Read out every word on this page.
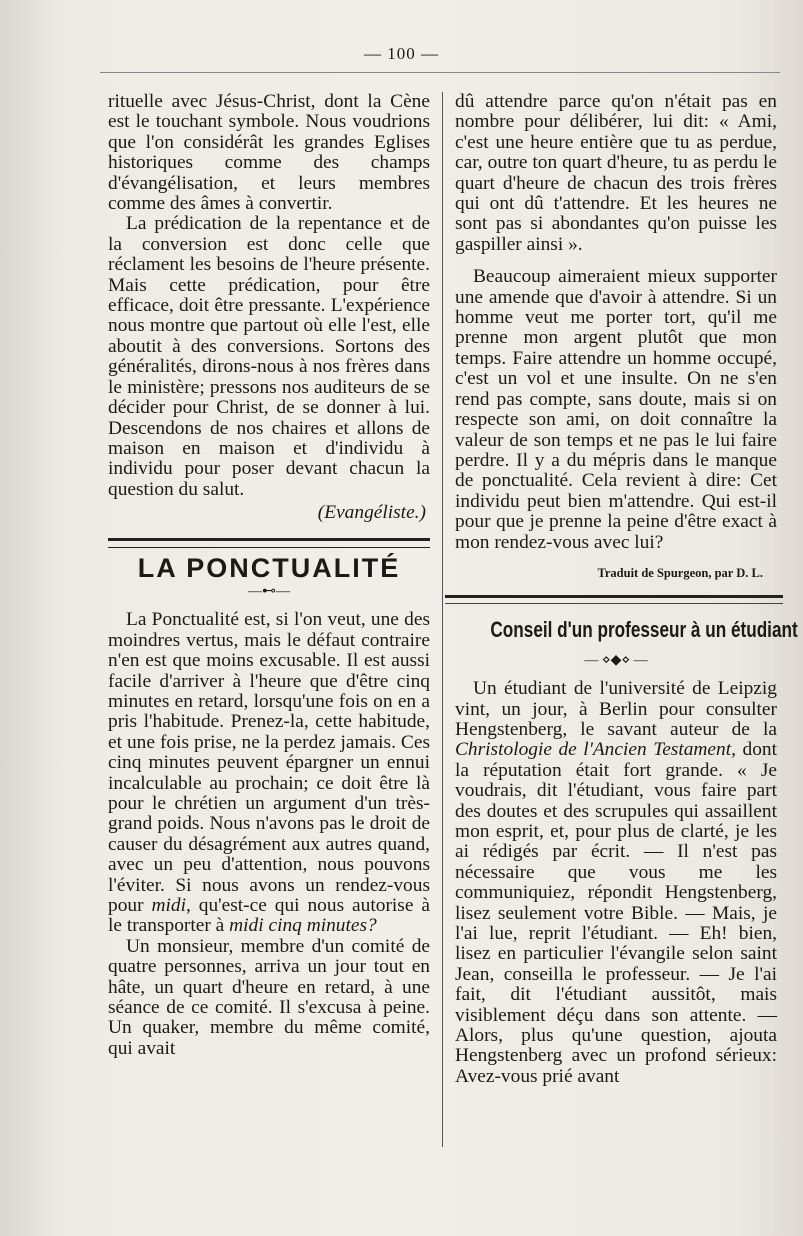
— 100 —

rituelle avec Jésus-Christ, dont la Cène est le touchant symbole. Nous voudrions que l'on considérât les grandes Eglises historiques comme des champs d'évangélisation, et leurs membres comme des âmes à convertir.

La prédication de la repentance et de la conversion est donc celle que réclament les besoins de l'heure présente. Mais cette prédication, pour être efficace, doit être pressante. L'expérience nous montre que partout où elle l'est, elle aboutit à des conversions. Sortons des généralités, dirons-nous à nos frères dans le ministère; pressons nos auditeurs de se décider pour Christ, de se donner à lui. Descendons de nos chaires et allons de maison en maison et d'individu à individu pour poser devant chacun la question du salut.

(Evangéliste.)

LA PONCTUALITÉ
—⊷—

La Ponctualité est, si l'on veut, une des moindres vertus, mais le défaut contraire n'en est que moins excusable. Il est aussi facile d'arriver à l'heure que d'être cinq minutes en retard, lorsqu'une fois on en a pris l'habitude. Prenez-la, cette habitude, et une fois prise, ne la perdez jamais. Ces cinq minutes peuvent épargner un ennui incalculable au prochain; ce doit être là pour le chrétien un argument d'un très-grand poids. Nous n'avons pas le droit de causer du désagrément aux autres quand, avec un peu d'attention, nous pouvons l'éviter. Si nous avons un rendez-vous pour midi, qu'est-ce qui nous autorise à le transporter à midi cinq minutes?

Un monsieur, membre d'un comité de quatre personnes, arriva un jour tout en hâte, un quart d'heure en retard, à une séance de ce comité. Il s'excusa à peine. Un quaker, membre du même comité, qui avait

dû attendre parce qu'on n'était pas en nombre pour délibérer, lui dit: « Ami, c'est une heure entière que tu as perdue, car, outre ton quart d'heure, tu as perdu le quart d'heure de chacun des trois frères qui ont dû t'attendre. Et les heures ne sont pas si abondantes qu'on puisse les gaspiller ainsi ».

Beaucoup aimeraient mieux supporter une amende que d'avoir à attendre. Si un homme veut me porter tort, qu'il me prenne mon argent plutôt que mon temps. Faire attendre un homme occupé, c'est un vol et une insulte. On ne s'en rend pas compte, sans doute, mais si on respecte son ami, on doit connaître la valeur de son temps et ne pas le lui faire perdre. Il y a du mépris dans le manque de ponctualité. Cela revient à dire: Cet individu peut bien m'attendre. Qui est-il pour que je prenne la peine d'être exact à mon rendez-vous avec lui?

Traduit de Spurgeon, par D. L.
Conseil d'un professeur à un étudiant
— ⋄◆⋄ —

Un étudiant de l'université de Leipzig vint, un jour, à Berlin pour consulter Hengstenberg, le savant auteur de la Christologie de l'Ancien Testament, dont la réputation était fort grande. « Je voudrais, dit l'étudiant, vous faire part des doutes et des scrupules qui assaillent mon esprit, et, pour plus de clarté, je les ai rédigés par écrit. — Il n'est pas nécessaire que vous me les communiquiez, répondit Hengstenberg, lisez seulement votre Bible. — Mais, je l'ai lue, reprit l'étudiant. — Eh! bien, lisez en particulier l'évangile selon saint Jean, conseilla le professeur. — Je l'ai fait, dit l'étudiant aussitôt, mais visiblement déçu dans son attente. — Alors, plus qu'une question, ajouta Hengstenberg avec un profond sérieux: Avez-vous prié avant
